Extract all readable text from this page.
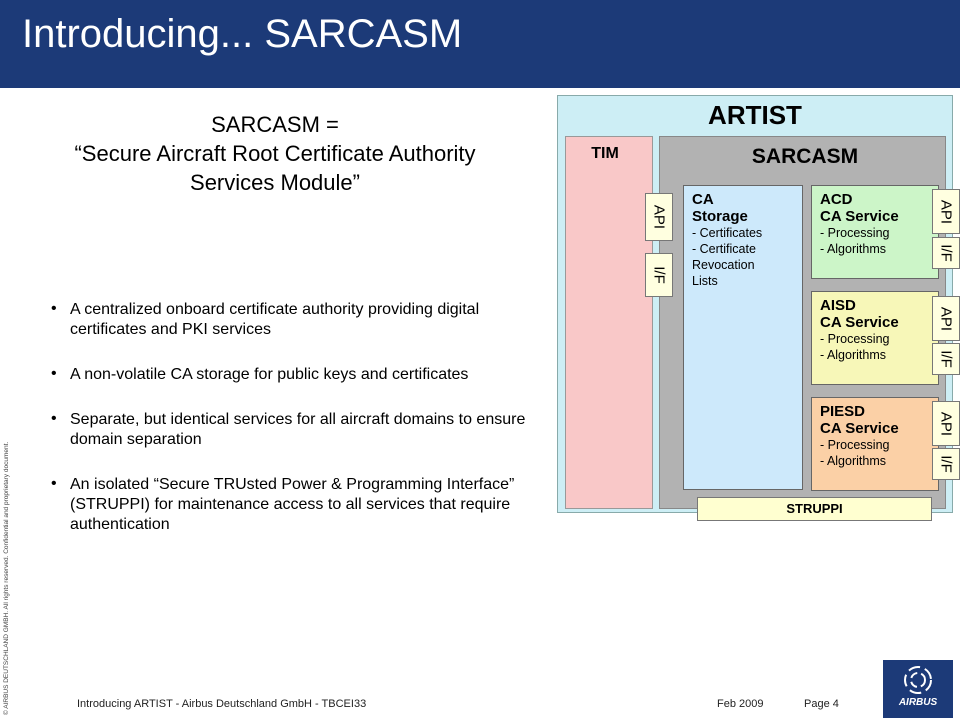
Introducing... SARCASM
SARCASM =
“Secure Aircraft Root Certificate Authority
Services Module”
• A centralized onboard certificate authority providing digital certificates and PKI services
• A non-volatile CA storage for public keys and certificates
• Separate, but identical services for all aircraft domains to ensure domain separation
• An isolated “Secure TRUsted Power & Programming Interface” (STRUPPI) for maintenance access to all services that require authentication
© AIRBUS DEUTSCHLAND GMBH. All rights reserved. Confidential and proprietary document.
ARTIST
TIM	SARCASM
API
I/F
CA
Storage
- Certificates
- Certificate
Revocation
Lists
ACD
CA Service
- Processing
- Algorithms
AISD
CA Service
- Processing
- Algorithms
PIESD
CA Service
- Processing
- Algorithms
API
I/F
API
I/F
API
I/F
STRUPPI
Introducing ARTIST - Airbus Deutschland GmbH - TBCEI33	Feb 2009	Page 4	AIRBUS
